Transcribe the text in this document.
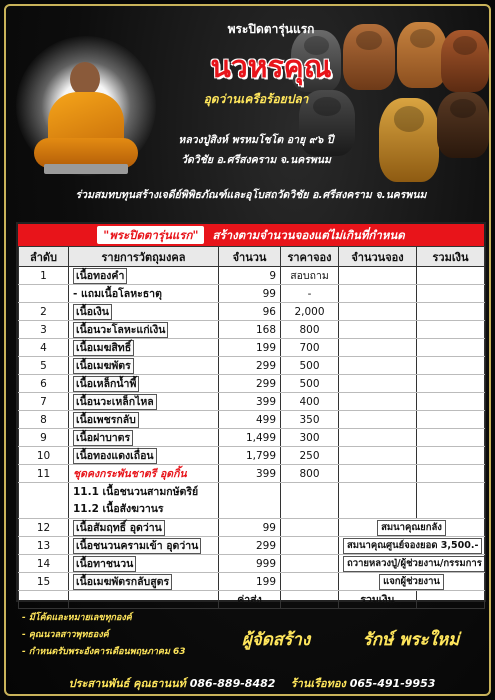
พระปิดตารุ่นแรก
นวหรคุณ
อุดว่านเครือร้อยปลา
หลวงปู่สิงห์ พรหมโชโต อายุ ๙๖ ปี
วัดวิชัย อ.ศรีสงคราม จ.นครพนม
ร่วมสมทบทุนสร้างเจดีย์พิพิธภัณฑ์และอุโบสถวัดวิชัย อ.ศรีสงคราม จ.นครพนม
"พระปิดตารุ่นแรก" สร้างตามจำนวนจองแต่ไม่เกินที่กำหนด
ลำดับ	รายการวัตถุมงคล	จำนวน	ราคาจอง	จำนวนจอง	รวมเงิน
1	เนื้อทองคำ	9	สอบถาม		
	- แถมเนื้อโลหะธาตุ	99	-		
2	เนื้อเงิน	96	2,000		
3	เนื้อนวะโลหะแก่เงิน	168	800		
4	เนื้อเมฆสิทธิ์	199	700		
5	เนื้อเมฆพัตร	299	500		
6	เนื้อเหล็กน้ำพี้	299	500		
7	เนื้อนวะเหล็กไหล	399	400		
8	เนื้อเพชรกลับ	499	350		
9	เนื้อฝาบาตร	1,499	300		
10	เนื้อทองแดงเถื่อน	1,799	250		
11	ชุดคงกระพันชาตรี อุดกิ้น	399	800		

	11.1 เนื้อชนวนสามกษัตริย์
11.2 เนื้อสังฆวานร				

12	เนื้อสัมฤทธิ์ อุดว่าน	99		สมนาคุณยกลัง	
13	เนื้อชนวนครามเข้า อุดว่าน	299		สมนาคุณศูนย์จองยอด 3,500.-	
14	เนื้อทาชนวน	999		ถวายหลวงปู่/ผู้ช่วยงาน/กรรมการ	
15	เนื้อเมฆพัตรกลับสูตร	199		แจกผู้ช่วยงาน	
		ค่าส่ง		รวมเงิน	
- มีโค้ดและหมายเลขทุกองค์
- คุณนวลสาวพุทธองค์
- กำหนดรับพระอังคารเดือนพฤษภาคม 63
ผู้จัดสร้าง	รักษ์ พระใหม่
ประสานพันธ์ คุณธานนท์ 086-889-8482 ร้านเรือทอง 065-491-9953
